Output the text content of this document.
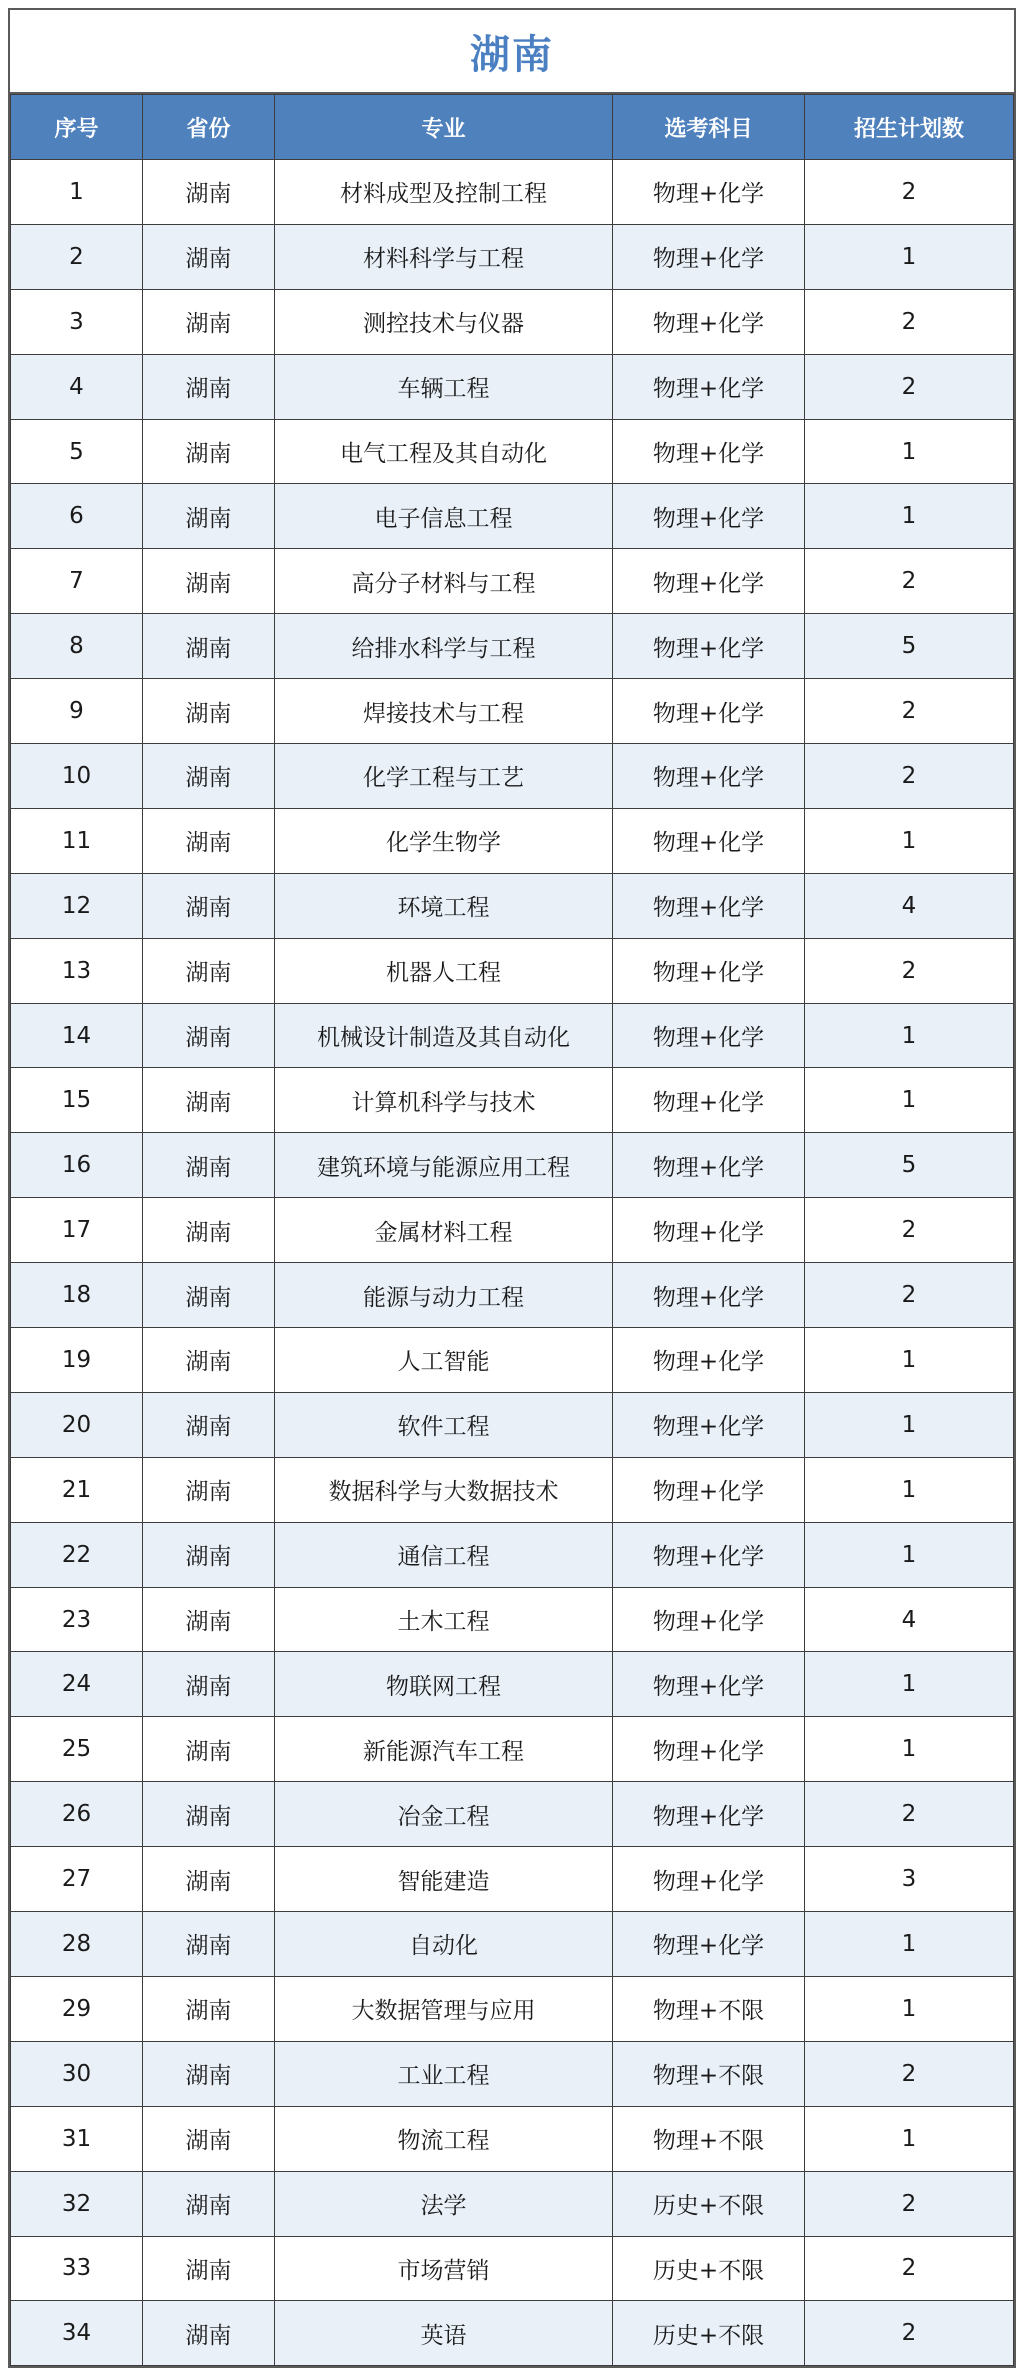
湖南
序号	省份	专业	选考科目	招生计划数
1	湖南	材料成型及控制工程	物理+化学	2
2	湖南	材料科学与工程	物理+化学	1
3	湖南	测控技术与仪器	物理+化学	2
4	湖南	车辆工程	物理+化学	2
5	湖南	电气工程及其自动化	物理+化学	1
6	湖南	电子信息工程	物理+化学	1
7	湖南	高分子材料与工程	物理+化学	2
8	湖南	给排水科学与工程	物理+化学	5
9	湖南	焊接技术与工程	物理+化学	2
10	湖南	化学工程与工艺	物理+化学	2
11	湖南	化学生物学	物理+化学	1
12	湖南	环境工程	物理+化学	4
13	湖南	机器人工程	物理+化学	2
14	湖南	机械设计制造及其自动化	物理+化学	1
15	湖南	计算机科学与技术	物理+化学	1
16	湖南	建筑环境与能源应用工程	物理+化学	5
17	湖南	金属材料工程	物理+化学	2
18	湖南	能源与动力工程	物理+化学	2
19	湖南	人工智能	物理+化学	1
20	湖南	软件工程	物理+化学	1
21	湖南	数据科学与大数据技术	物理+化学	1
22	湖南	通信工程	物理+化学	1
23	湖南	土木工程	物理+化学	4
24	湖南	物联网工程	物理+化学	1
25	湖南	新能源汽车工程	物理+化学	1
26	湖南	冶金工程	物理+化学	2
27	湖南	智能建造	物理+化学	3
28	湖南	自动化	物理+化学	1
29	湖南	大数据管理与应用	物理+不限	1
30	湖南	工业工程	物理+不限	2
31	湖南	物流工程	物理+不限	1
32	湖南	法学	历史+不限	2
33	湖南	市场营销	历史+不限	2
34	湖南	英语	历史+不限	2
